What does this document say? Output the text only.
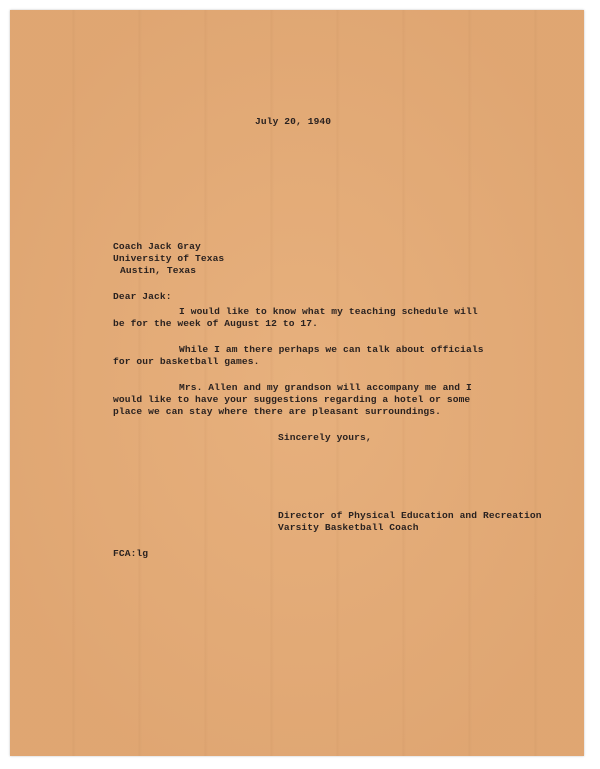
July 20, 1940
Coach Jack Gray
University of Texas
Austin, Texas
Dear Jack:
I would like to know what my teaching schedule will
be for the week of August 12 to 17.
While I am there perhaps we can talk about officials
for our basketball games.
Mrs. Allen and my grandson will accompany me and I
would like to have your suggestions regarding a hotel or some
place we can stay where there are pleasant surroundings.
Sincerely yours,
Director of Physical Education and Recreation
Varsity Basketball Coach
FCA:lg
